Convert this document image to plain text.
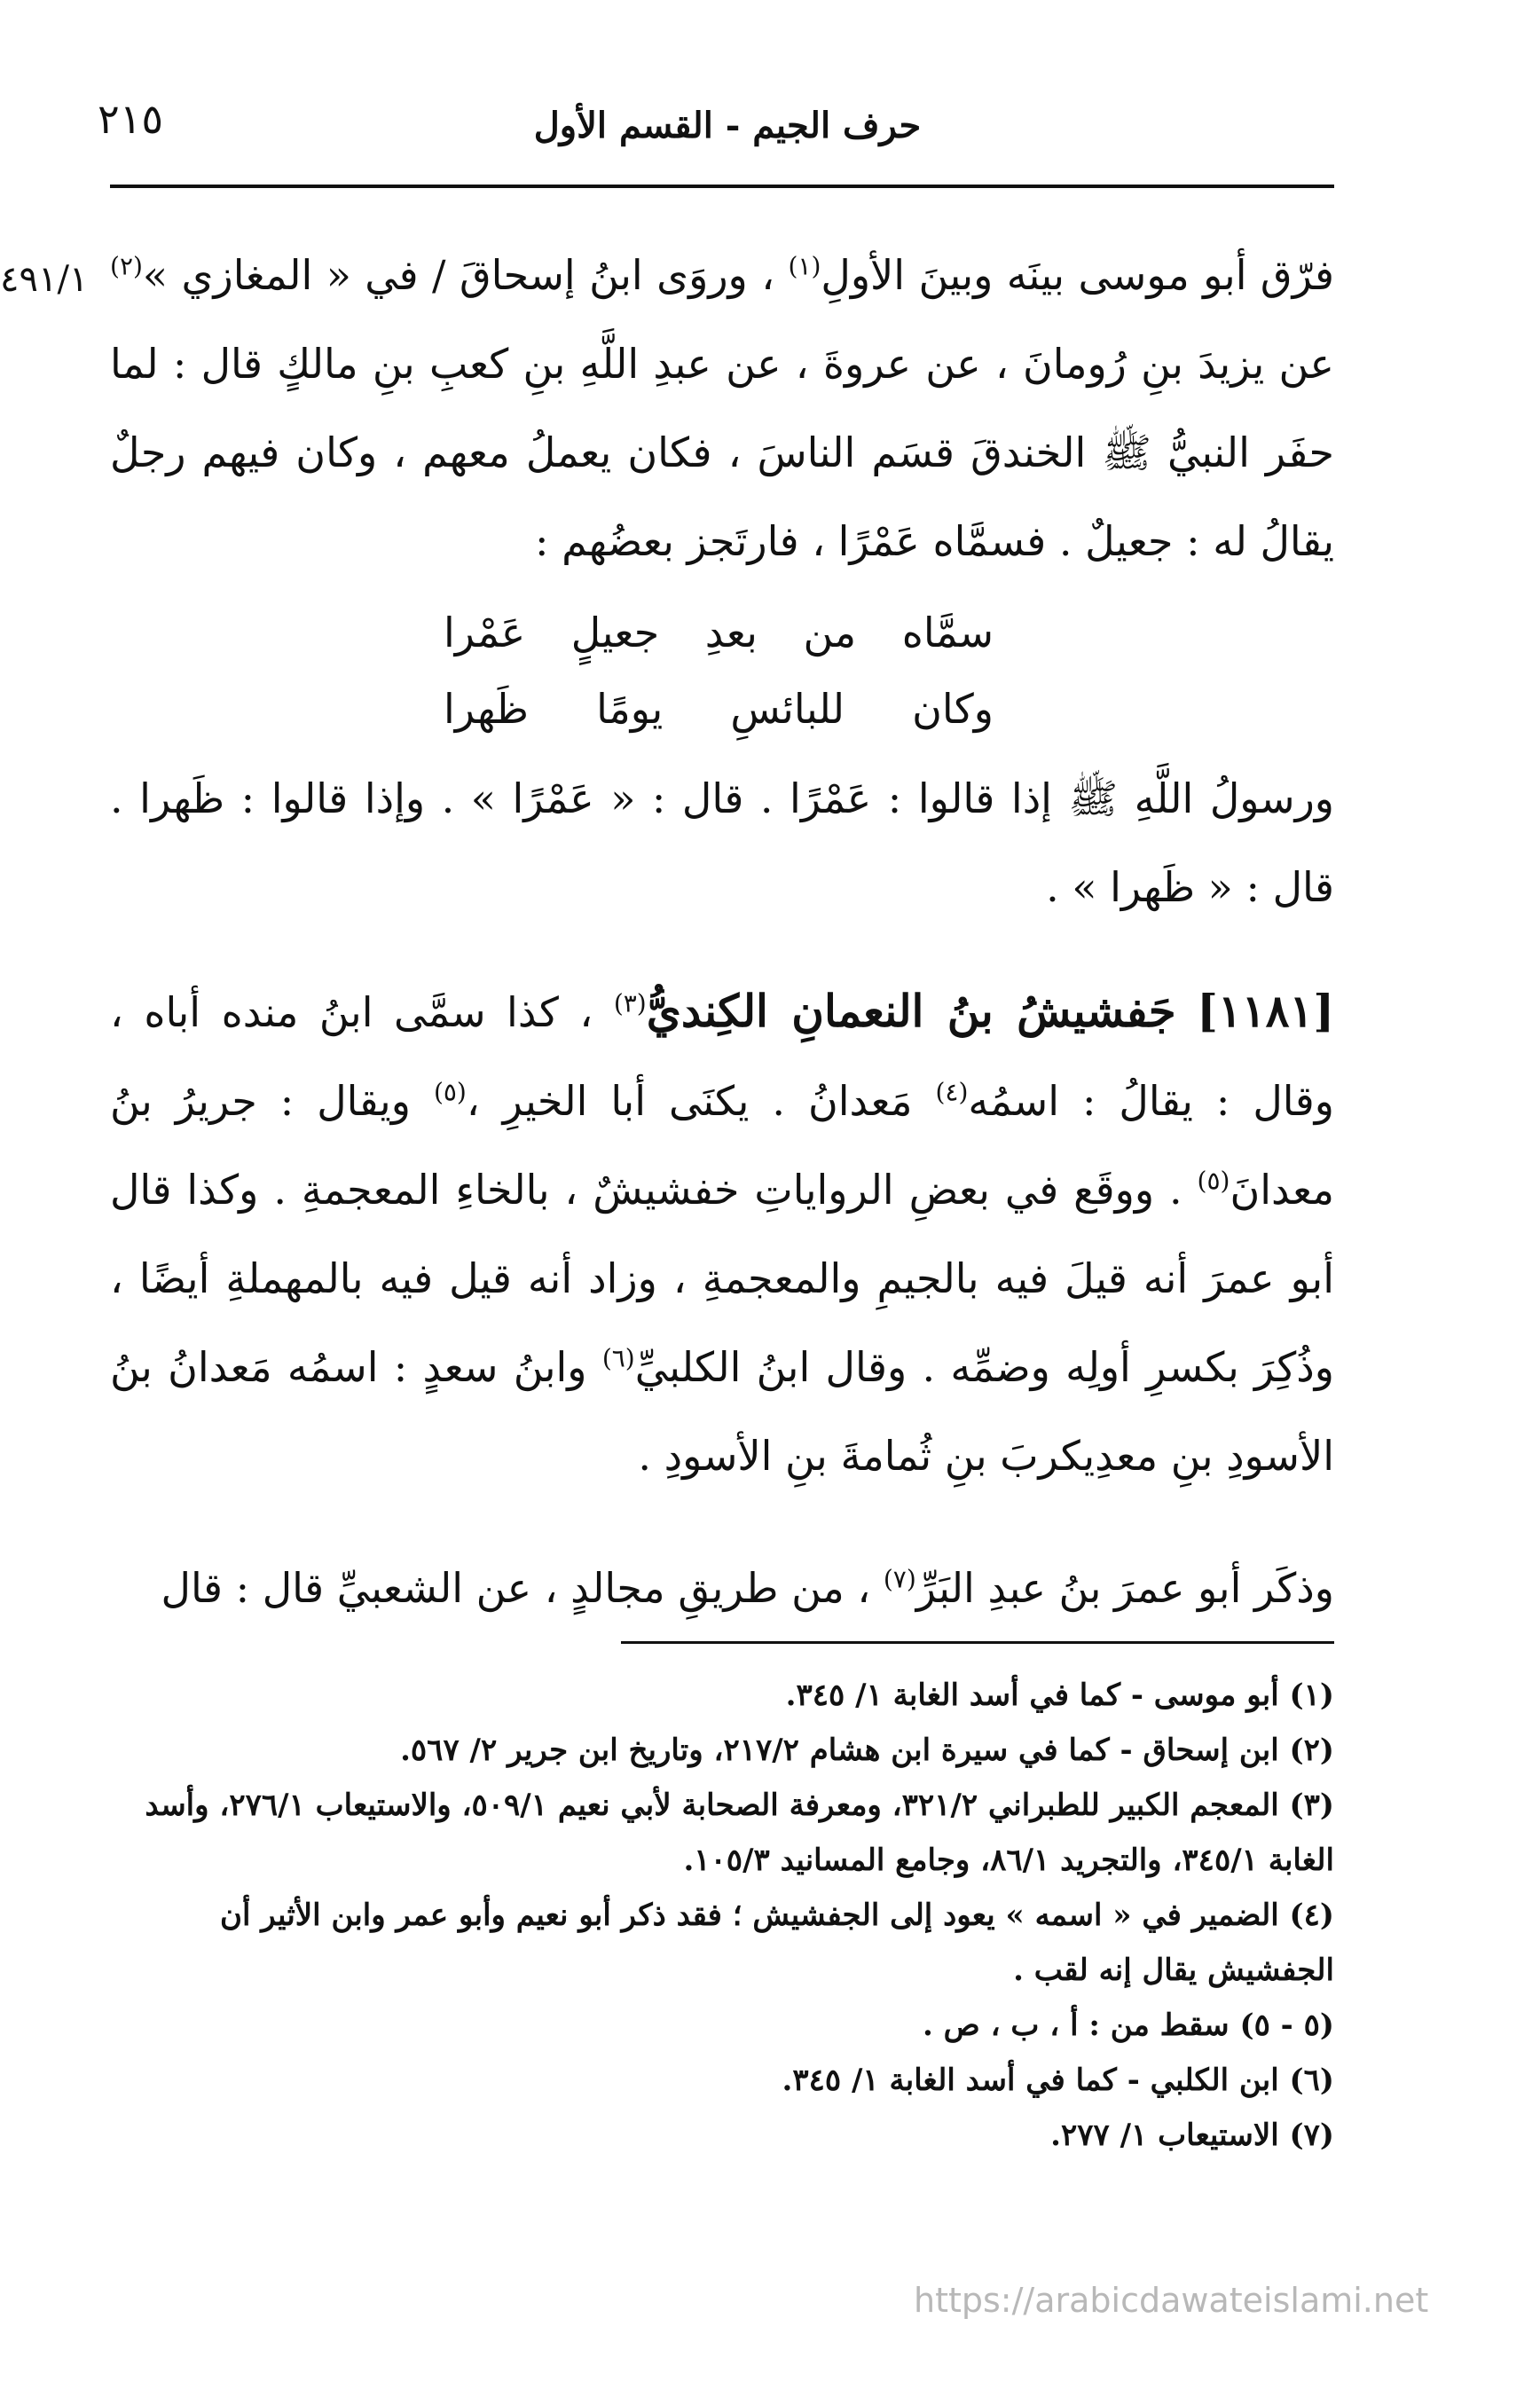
حرف الجيم - القسم الأول
٢١٥
٤٩١/١	فرّق أبو موسى بينَه وبينَ الأولِ$^{(١)}$ ، وروَى ابنُ إسحاقَ / في « المغازي »$^{(٢)}$ عن يزيدَ بنِ رُومانَ ، عن عروةَ ، عن عبدِ اللَّهِ بنِ كعبِ بنِ مالكٍ قال : لما حفَر النبيُّ ﷺ الخندقَ قسَم الناسَ ، فكان يعملُ معهم ، وكان فيهم رجلٌ يقالُ له : جعيلٌ . فسمَّاه عَمْرًا ، فارتَجز بعضُهم :
سمَّاه من بعدِ جعيلٍ عَمْرا
وكان للبائسِ يومًا ظَهرا
ورسولُ اللَّهِ ﷺ إذا قالوا : عَمْرًا . قال : « عَمْرًا » . وإذا قالوا : ظَهرا . قال : « ظَهرا » .
[١١٨١] جَفشيشُ بنُ النعمانِ الكِنديُّ$^{(٣)}$ ، كذا سمَّى ابنُ منده أباه ، وقال : يقالُ : اسمُه$^{(٤)}$ مَعدانُ . يكنَى أبا الخيرِ ،$^{(٥)}$ ويقال : جريرُ بنُ معدانَ$^{(٥)}$ . ووقَع في بعضِ الرواياتِ خفشيشٌ ، بالخاءِ المعجمةِ . وكذا قال أبو عمرَ أنه قيلَ فيه بالجيمِ والمعجمةِ ، وزاد أنه قيل فيه بالمهملةِ أيضًا ، وذُكِرَ بكسرِ أولِه وضمِّه . وقال ابنُ الكلبيِّ$^{(٦)}$ وابنُ سعدٍ : اسمُه مَعدانُ بنُ الأسودِ بنِ معدِيكربَ بنِ ثُمامةَ بنِ الأسودِ .
وذكَر أبو عمرَ بنُ عبدِ البَرِّ$^{(٧)}$ ، من طريقِ مجالدٍ ، عن الشعبيِّ قال : قال

(١) أبو موسى - كما في أسد الغابة ١/ ٣٤٥.

(٢) ابن إسحاق - كما في سيرة ابن هشام ٢١٧/٢، وتاريخ ابن جرير ٢/ ٥٦٧.

(٣) المعجم الكبير للطبراني ٣٢١/٢، ومعرفة الصحابة لأبي نعيم ٥٠٩/١، والاستيعاب ٢٧٦/١، وأسد الغابة ٣٤٥/١، والتجريد ٨٦/١، وجامع المسانيد ١٠٥/٣.

(٤) الضمير في « اسمه » يعود إلى الجفشيش ؛ فقد ذكر أبو نعيم وأبو عمر وابن الأثير أن الجفشيش يقال إنه لقب .

(٥ - ٥) سقط من : أ ، ب ، ص .

(٦) ابن الكلبي - كما في أسد الغابة ١/ ٣٤٥.

(٧) الاستيعاب ١/ ٢٧٧.

https://arabicdawateislami.net
